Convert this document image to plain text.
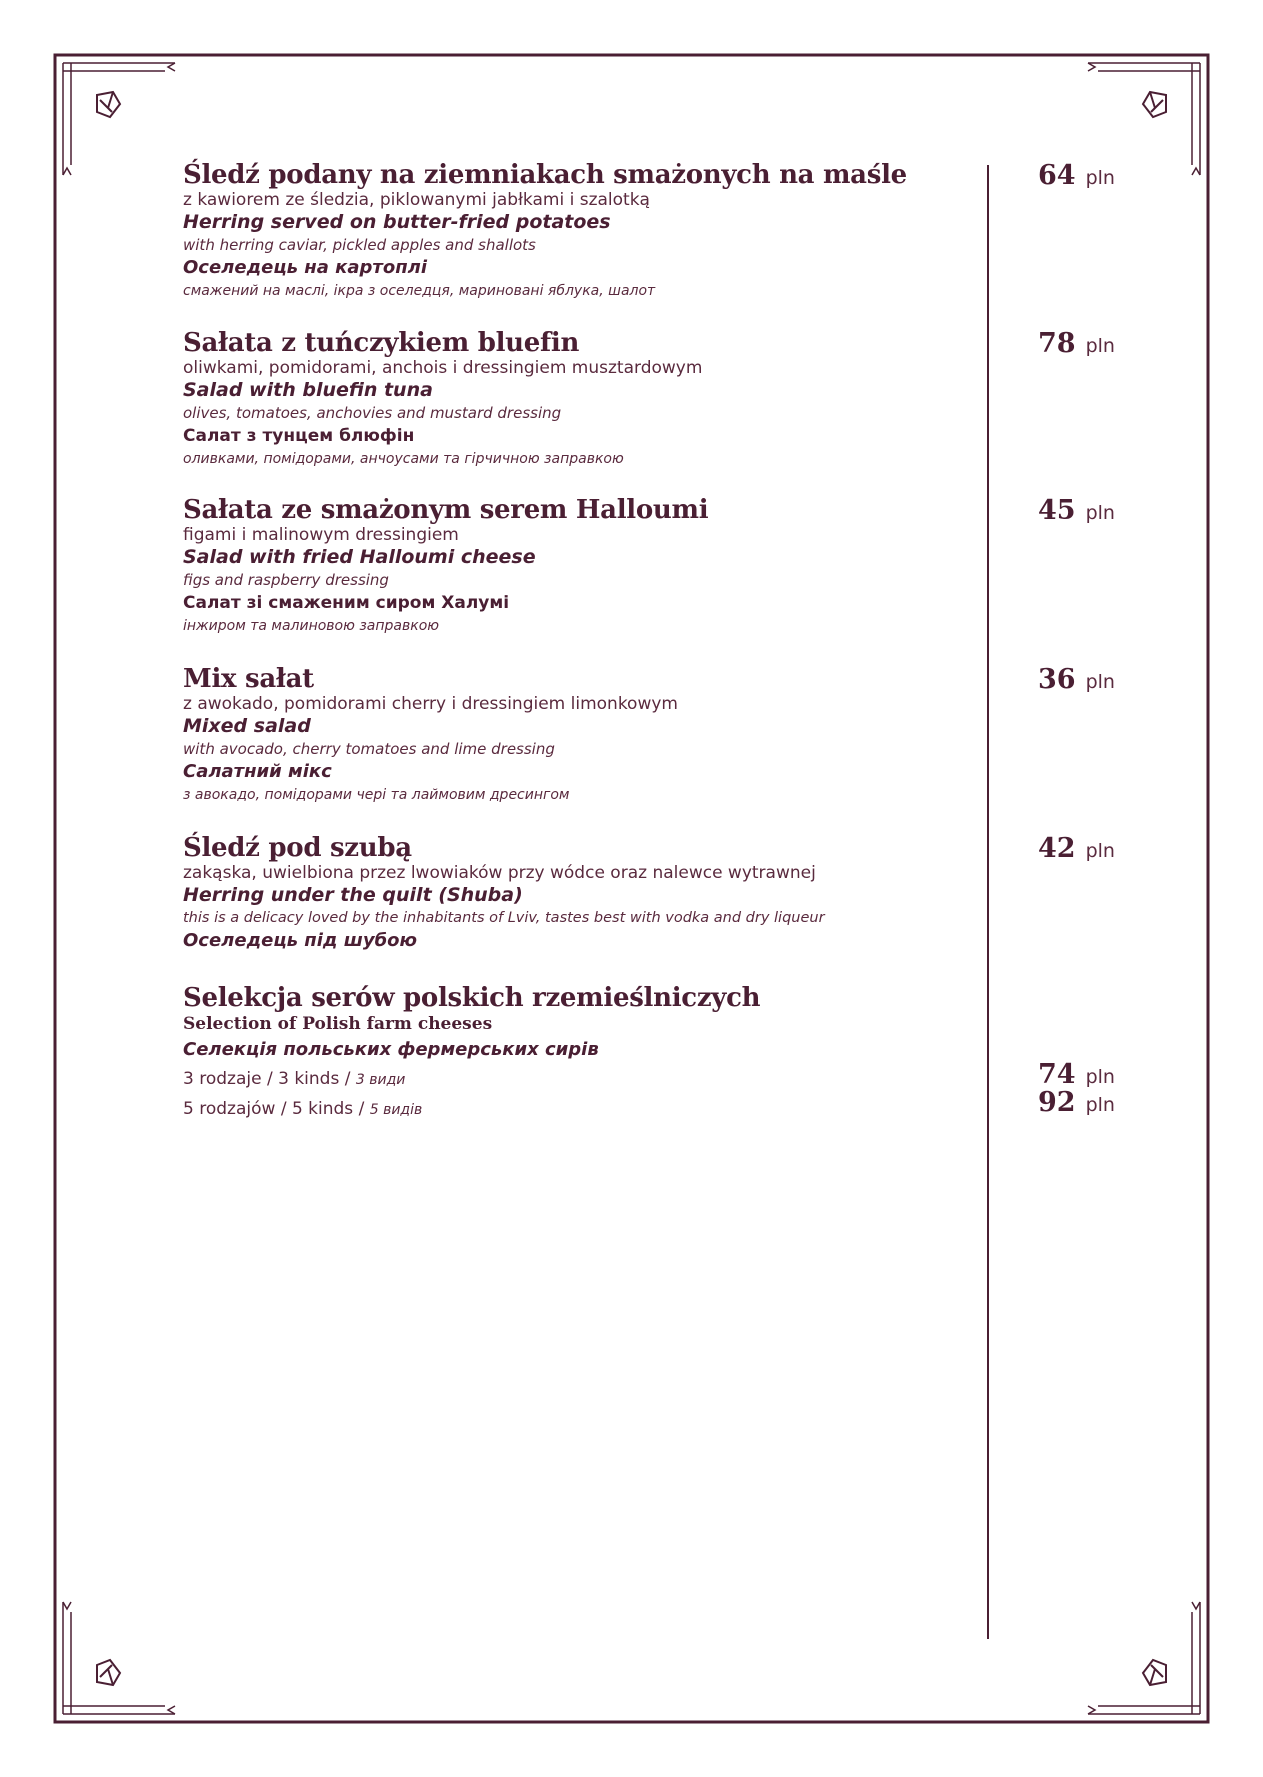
Śledź podany na ziemniakach smażonych na maśle
z kawiorem ze śledzia, piklowanymi jabłkami i szalotką
Herring served on butter-fried potatoes
with herring caviar, pickled apples and shallots
Оселедець на картоплі
смажений на маслі, ікра з оселедця, мариновані яблука, шалот
Sałata z tuńczykiem bluefin
oliwkami, pomidorami, anchois i dressingiem musztardowym
Salad with bluefin tuna
olives, tomatoes, anchovies and mustard dressing
Салат з тунцем блюфін
оливками, помідорами, анчоусами та гірчичною заправкою
Sałata ze smażonym serem Halloumi
figami i malinowym dressingiem
Salad with fried Halloumi cheese
figs and raspberry dressing
Салат зі смаженим сиром Халумі
інжиром та малиновою заправкою
Mix sałat
z awokado, pomidorami cherry i dressingiem limonkowym
Mixed salad
with avocado, cherry tomatoes and lime dressing
Салатний мікс
з авокадо, помідорами чері та лаймовим дресингом
Śledź pod szubą
zakąska, uwielbiona przez lwowiaków przy wódce oraz nalewce wytrawnej
Herring under the quilt (Shuba)
this is a delicacy loved by the inhabitants of Lviv, tastes best with vodka and dry liqueur
Оселедець під шубою
Selekcja serów polskich rzemieślniczych
Selection of Polish farm cheeses
Селекція польських фермерських сирів
3 rodzaje / 3 kinds / 3 види
5 rodzajów / 5 kinds / 5 видів
64 pln
78 pln
45 pln
36 pln
42 pln
74 pln
92 pln
